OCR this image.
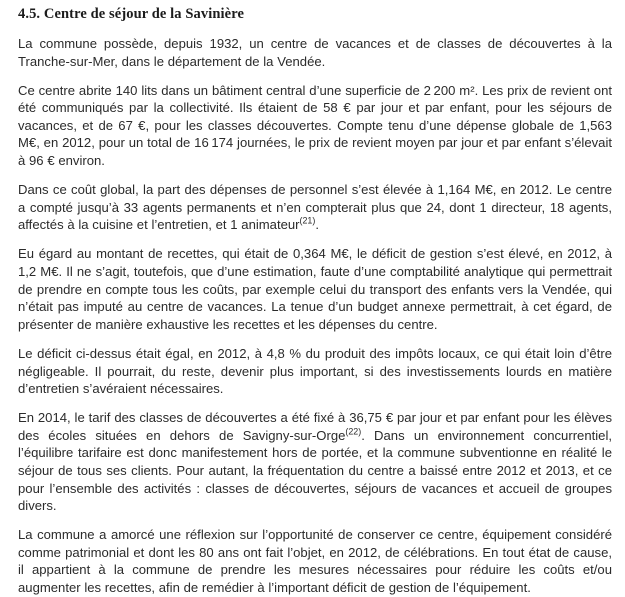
4.5. Centre de séjour de la Savinière

La commune possède, depuis 1932, un centre de vacances et de classes de découvertes à la Tranche-sur-Mer, dans le département de la Vendée.

Ce centre abrite 140 lits dans un bâtiment central d’une superficie de 2 200 m². Les prix de revient ont été communiqués par la collectivité. Ils étaient de 58 € par jour et par enfant, pour les séjours de vacances, et de 67 €, pour les classes découvertes. Compte tenu d’une dépense globale de 1,563 M€, en 2012, pour un total de 16 174 journées, le prix de revient moyen par jour et par enfant s’élevait à 96 € environ.

Dans ce coût global, la part des dépenses de personnel s’est élevée à 1,164 M€, en 2012. Le centre a compté jusqu’à 33 agents permanents et n’en compterait plus que 24, dont 1 directeur, 18 agents, affectés à la cuisine et l’entretien, et 1 animateur$^{(21)}$.

Eu égard au montant de recettes, qui était de 0,364 M€, le déficit de gestion s’est élevé, en 2012, à 1,2 M€. Il ne s’agit, toutefois, que d’une estimation, faute d’une comptabilité analytique qui permettrait de prendre en compte tous les coûts, par exemple celui du transport des enfants vers la Vendée, qui n’était pas imputé au centre de vacances. La tenue d’un budget annexe permettrait, à cet égard, de présenter de manière exhaustive les recettes et les dépenses du centre.

Le déficit ci-dessus était égal, en 2012, à 4,8 % du produit des impôts locaux, ce qui était loin d’être négligeable. Il pourrait, du reste, devenir plus important, si des investissements lourds en matière d’entretien s’avéraient nécessaires.

En 2014, le tarif des classes de découvertes a été fixé à 36,75 € par jour et par enfant pour les élèves des écoles situées en dehors de Savigny-sur-Orge$^{(22)}$. Dans un environnement concurrentiel, l’équilibre tarifaire est donc manifestement hors de portée, et la commune subventionne en réalité le séjour de tous ses clients. Pour autant, la fréquentation du centre a baissé entre 2012 et 2013, et ce pour l’ensemble des activités : classes de découvertes, séjours de vacances et accueil de groupes divers.

La commune a amorcé une réflexion sur l’opportunité de conserver ce centre, équipement considéré comme patrimonial et dont les 80 ans ont fait l’objet, en 2012, de célébrations. En tout état de cause, il appartient à la commune de prendre les mesures nécessaires pour réduire les coûts et/ou augmenter les recettes, afin de remédier à l’important déficit de gestion de l’équipement.
